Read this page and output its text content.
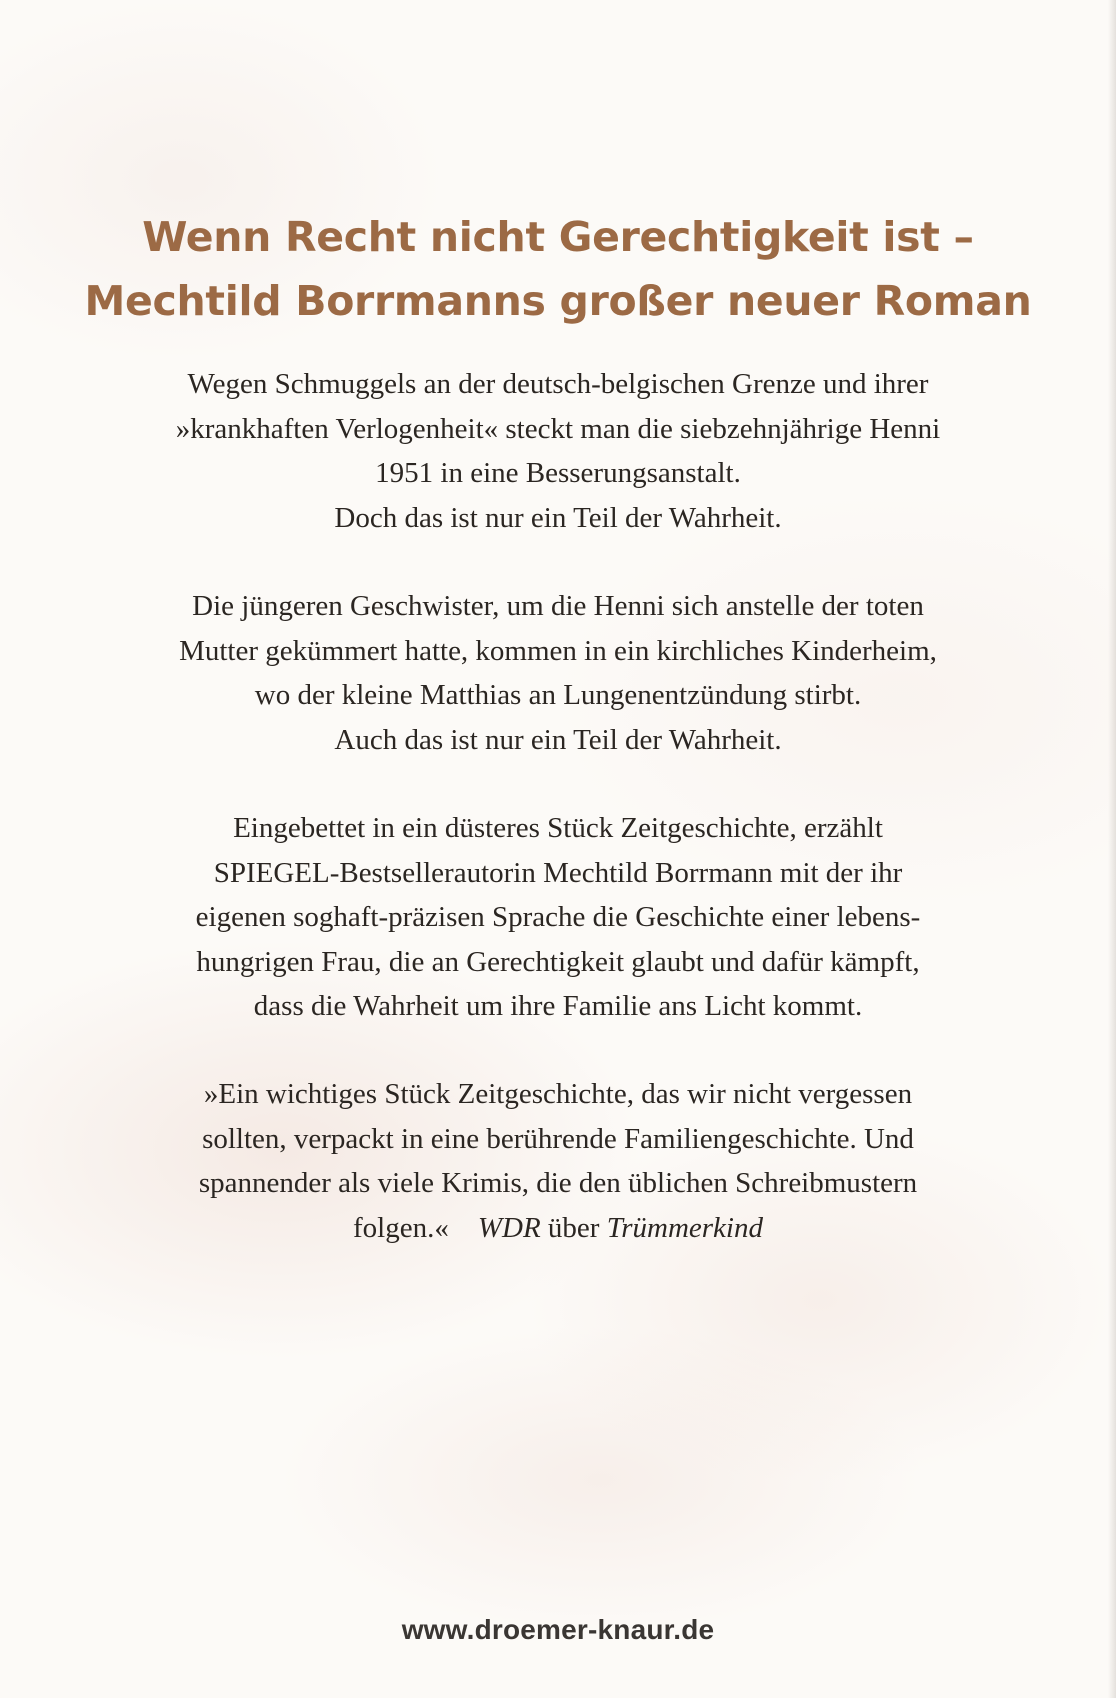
Wenn Recht nicht Gerechtigkeit ist –
Mechtild Borrmanns großer neuer Roman
Wegen Schmuggels an der deutsch-belgischen Grenze und ihrer
»krankhaften Verlogenheit« steckt man die siebzehnjährige Henni
1951 in eine Besserungsanstalt.
Doch das ist nur ein Teil der Wahrheit.
Die jüngeren Geschwister, um die Henni sich anstelle der toten
Mutter gekümmert hatte, kommen in ein kirchliches Kinderheim,
wo der kleine Matthias an Lungenentzündung stirbt.
Auch das ist nur ein Teil der Wahrheit.
Eingebettet in ein düsteres Stück Zeitgeschichte, erzählt
SPIEGEL-Bestsellerautorin Mechtild Borrmann mit der ihr
eigenen soghaft-präzisen Sprache die Geschichte einer lebens-
hungrigen Frau, die an Gerechtigkeit glaubt und dafür kämpft,
dass die Wahrheit um ihre Familie ans Licht kommt.
»Ein wichtiges Stück Zeitgeschichte, das wir nicht vergessen
sollten, verpackt in eine berührende Familiengeschichte. Und
spannender als viele Krimis, die den üblichen Schreibmustern
folgen.« WDR über Trümmerkind
www.droemer-knaur.de
